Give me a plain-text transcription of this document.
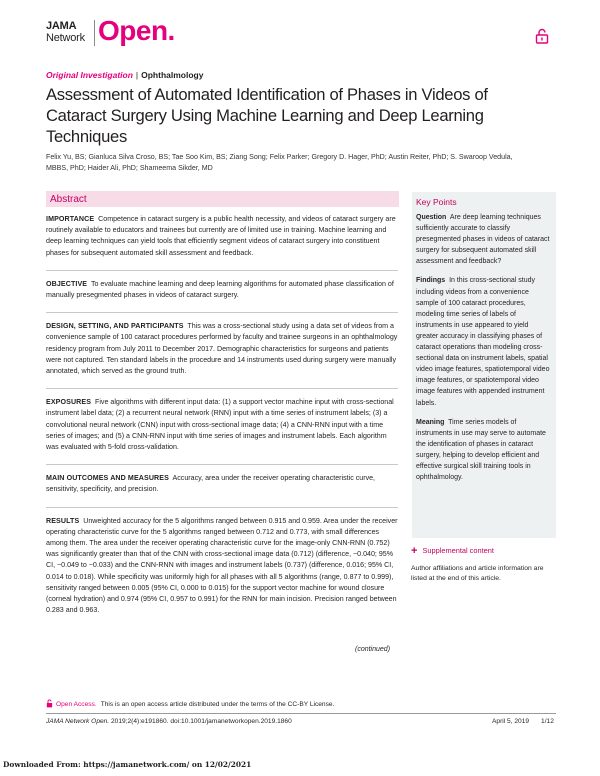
JAMA
Network Open.
Original Investigation | Ophthalmology
Assessment of Automated Identification of Phases in Videos of Cataract Surgery Using Machine Learning and Deep Learning Techniques
Felix Yu, BS; Gianluca Silva Croso, BS; Tae Soo Kim, BS; Ziang Song; Felix Parker; Gregory D. Hager, PhD; Austin Reiter, PhD; S. Swaroop Vedula, MBBS, PhD; Haider Ali, PhD; Shameema Sikder, MD
Abstract

IMPORTANCE Competence in cataract surgery is a public health necessity, and videos of cataract surgery are routinely available to educators and trainees but currently are of limited use in training. Machine learning and deep learning techniques can yield tools that efficiently segment videos of cataract surgery into constituent phases for subsequent automated skill assessment and feedback.

OBJECTIVE To evaluate machine learning and deep learning algorithms for automated phase classification of manually presegmented phases in videos of cataract surgery.

DESIGN, SETTING, AND PARTICIPANTS This was a cross-sectional study using a data set of videos from a convenience sample of 100 cataract procedures performed by faculty and trainee surgeons in an ophthalmology residency program from July 2011 to December 2017. Demographic characteristics for surgeons and patients were not captured. Ten standard labels in the procedure and 14 instruments used during surgery were manually annotated, which served as the ground truth.

EXPOSURES Five algorithms with different input data: (1) a support vector machine input with cross-sectional instrument label data; (2) a recurrent neural network (RNN) input with a time series of instrument labels; (3) a convolutional neural network (CNN) input with cross-sectional image data; (4) a CNN-RNN input with a time series of images; and (5) a CNN-RNN input with time series of images and instrument labels. Each algorithm was evaluated with 5-fold cross-validation.

MAIN OUTCOMES AND MEASURES Accuracy, area under the receiver operating characteristic curve, sensitivity, specificity, and precision.

RESULTS Unweighted accuracy for the 5 algorithms ranged between 0.915 and 0.959. Area under the receiver operating characteristic curve for the 5 algorithms ranged between 0.712 and 0.773, with small differences among them. The area under the receiver operating characteristic curve for the image-only CNN-RNN (0.752) was significantly greater than that of the CNN with cross-sectional image data (0.712) (difference, −0.040; 95% CI, −0.049 to −0.033) and the CNN-RNN with images and instrument labels (0.737) (difference, 0.016; 95% CI, 0.014 to 0.018). While specificity was uniformly high for all phases with all 5 algorithms (range, 0.877 to 0.999), sensitivity ranged between 0.005 (95% CI, 0.000 to 0.015) for the support vector machine for wound closure (corneal hydration) and 0.974 (95% CI, 0.957 to 0.991) for the RNN for main incision. Precision ranged between 0.283 and 0.963.

(continued)
Key Points

Question Are deep learning techniques sufficiently accurate to classify presegmented phases in videos of cataract surgery for subsequent automated skill assessment and feedback?

Findings In this cross-sectional study including videos from a convenience sample of 100 cataract procedures, modeling time series of labels of instruments in use appeared to yield greater accuracy in classifying phases of cataract operations than modeling cross-sectional data on instrument labels, spatial video image features, spatiotemporal video image features, or spatiotemporal video image features with appended instrument labels.

Meaning Time series models of instruments in use may serve to automate the identification of phases in cataract surgery, helping to develop efficient and effective surgical skill training tools in ophthalmology.

+ Supplemental content
Author affiliations and article information are listed at the end of this article.
Open Access. This is an open access article distributed under the terms of the CC-BY License.
JAMA Network Open. 2019;2(4):e191860. doi:10.1001/jamanetworkopen.2019.1860	April 5, 2019 1/12
Downloaded From: https://jamanetwork.com/ on 12/02/2021
